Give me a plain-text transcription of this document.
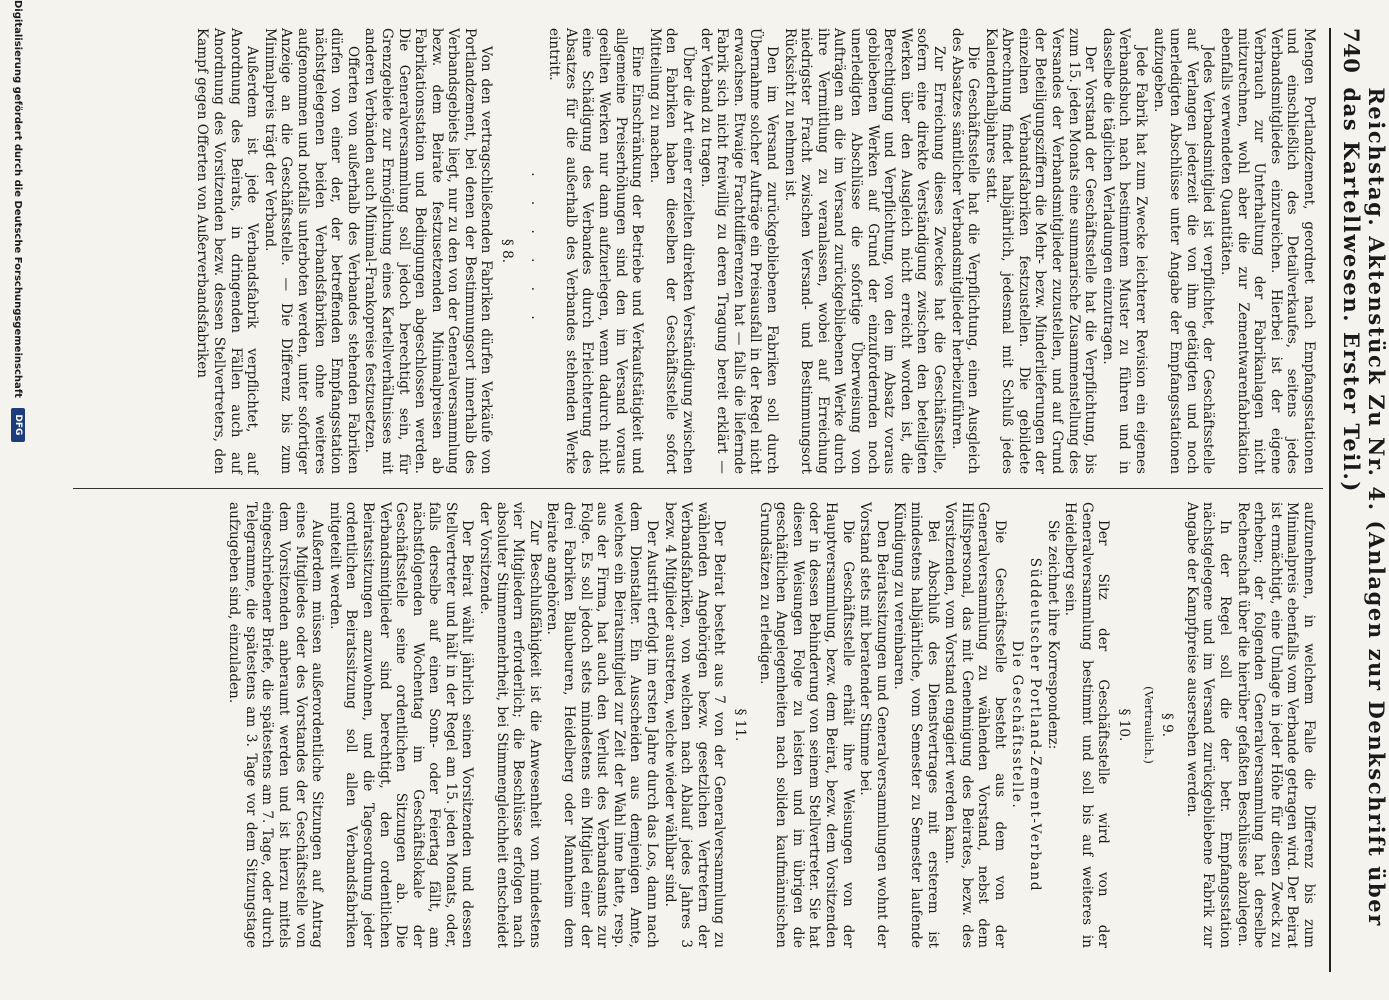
740
Reichstag. Aktenstück Zu Nr. 4. (Anlagen zur Denkschrift über das Kartellwesen. Erster Teil.)

Mengen Portlandzement, geordnet nach Empfangsstationen und einschließlich des Detailverkaufes, seitens jedes Verbandsmitgliedes einzureichen. Hierbei ist der eigene Verbrauch zur Unterhaltung der Fabrikanlagen nicht mitzurechnen, wohl aber die zur Zementwarenfabrikation ebenfalls verwendeten Quantitäten.

Jedes Verbandsmitglied ist verpflichtet, der Geschäftsstelle auf Verlangen jederzeit die von ihm getätigten und noch unerledigten Abschlüsse unter Angabe der Empfangsstationen aufzugeben.

Jede Fabrik hat zum Zwecke leichterer Revision ein eigenes Verbandsbuch nach bestimmtem Muster zu führen und in dasselbe die täglichen Verladungen einzutragen.

Der Vorstand der Geschäftsstelle hat die Verpflichtung, bis zum 15. jeden Monats eine summarische Zusammenstellung des Versandes der Verbandsmitglieder zuzustellen, und auf Grund der Beteiligungsziffern die Mehr- bezw. Minderlieferungen der einzelnen Verbandsfabriken festzustellen. Die gebildete Abrechnung findet halbjährlich, jedesmal mit Schluß jedes Kalenderhalbjahres statt.

Die Geschäftsstelle hat die Verpflichtung, einen Ausgleich des Absatzes sämtlicher Verbandsmitglieder herbeizuführen.

Zur Erreichung dieses Zweckes hat die Geschäftsstelle, sofern eine direkte Verständigung zwischen den beteiligten Werken über den Ausgleich nicht erreicht worden ist, die Berechtigung und Verpflichtung, von den im Absatz voraus gebliebenen Werken auf Grund der einzufordernden noch unerledigten Abschlüsse die sofortige Überweisung von Aufträgen an die im Versand zurückgebliebenen Werke durch ihre Vermittlung zu veranlassen, wobei auf Erreichung niedrigster Fracht zwischen Versand- und Bestimmungsort Rücksicht zu nehmen ist.

Den im Versand zurückgebliebenen Fabriken soll durch Übernahme solcher Aufträge ein Preisausfall in der Regel nicht erwachsen. Etwaige Frachtdifferenzen hat — falls die liefernde Fabrik sich nicht freiwillig zu deren Tragung bereit erklärt — der Verband zu tragen.

Über die Art einer erzielten direkten Verständigung zwischen den Fabriken haben dieselben der Geschäftsstelle sofort Mitteilung zu machen.

Eine Einschränkung der Betriebe und Verkaufstätigkeit und allgemeine Preiserhöhungen sind den im Versand voraus geeilten Werken nur dann aufzuerlegen, wenn dadurch nicht eine Schädigung des Verbandes durch Erleichterung des Absatzes für die außerhalb des Verbandes stehenden Werke eintritt.

· · · · · ·
§ 8.

Von den vertragschließenden Fabriken dürfen Verkäufe von Portlandzement, bei denen der Bestimmungsort innerhalb des Verbandsgebiets liegt, nur zu den von der Generalversammlung bezw. dem Beirate festzusetzenden Minimalpreisen ab Fabrikationsstation und Bedingungen abgeschlossen werden. Die Generalversammlung soll jedoch berechtigt sein, für Grenzgebiete zur Ermöglichung eines Kartellverhältnisses mit anderen Verbänden auch Minimal-Frankopreise festzusetzen.

Offerten von außerhalb des Verbandes stehenden Fabriken dürfen von einer der, der betreffenden Empfangsstation nächstgelegenen beiden Verbandsfabriken ohne weiteres aufgenommen und notfalls unterboten werden, unter sofortiger Anzeige an die Geschäftsstelle. — Die Differenz bis zum Minimalpreis trägt der Verband.

Außerdem ist jede Verbandsfabrik verpflichtet, auf Anordnung des Beirats, in dringenden Fällen auch auf Anordnung des Vorsitzenden bezw. dessen Stellvertreters, den Kampf gegen Offerten von Außerverbandsfabriken

aufzunehmen, in welchem Falle die Differenz bis zum Minimalpreis ebenfalls vom Verbande getragen wird. Der Beirat ist ermächtigt, eine Umlage in jeder Höhe für diesen Zweck zu erheben; der folgenden Generalversammlung hat derselbe Rechenschaft über die hierüber gefaßten Beschlüsse abzulegen.

In der Regel soll die der betr. Empfangsstation nächstgelegene und im Versand zurückgebliebene Fabrik zur Angabe der Kampfpreise ausersehen werden.

§ 9.
(Vertraulich.)
§ 10.

Der Sitz der Geschäftsstelle wird von der Generalversammlung bestimmt und soll bis auf weiteres in Heidelberg sein.

Sie zeichnet ihre Korrespondenz:

Süddeutscher Portland-Zement-Verband

Die Geschäftsstelle.

Die Geschäftsstelle besteht aus dem von der Generalversammlung zu wählenden Vorstand, nebst dem Hilfspersonal, das mit Genehmigung des Beirates, bezw. des Vorsitzenden, vom Vorstand engagiert werden kann.

Bei Abschluß des Dienstvertrages mit ersterem ist mindestens halbjährliche, vom Semester zu Semester laufende Kündigung zu vereinbaren.

Den Beiratssitzungen und Generalversammlungen wohnt der Vorstand stets mit beratender Stimme bei.

Die Geschäftsstelle erhält ihre Weisungen von der Hauptversammlung, bezw. dem Beirat, bezw. dem Vorsitzenden oder in dessen Behinderung von seinem Stellvertreter. Sie hat diesen Weisungen Folge zu leisten und im übrigen die geschäftlichen Angelegenheiten nach soliden kaufmännischen Grundsätzen zu erledigen.

§ 11.

Der Beirat besteht aus 7 von der Generalversammlung zu wählenden Angehörigen bezw. gesetzlichen Vertretern der Verbandsfabriken, von welchen nach Ablauf jedes Jahres 3 bezw. 4 Mitglieder austreten, welche wieder wählbar sind.

Der Austritt erfolgt im ersten Jahre durch das Los, dann nach dem Dienstalter. Ein Ausscheiden aus demjenigen Amte, welches ein Beiratsmitglied zur Zeit der Wahl inne hatte, resp. aus der Firma, hat auch den Verlust des Verbandsamts zur Folge. Es soll jedoch stets mindestens ein Mitglied einer der drei Fabriken Blaubeuren, Heidelberg oder Mannheim dem Beirate angehören.

Zur Beschlußfähigkeit ist die Anwesenheit von mindestens vier Mitgliedern erforderlich; die Beschlüsse erfolgen nach absoluter Stimmenmehrheit, bei Stimmengleichheit entscheidet der Vorsitzende.

Der Beirat wählt jährlich seinen Vorsitzenden und dessen Stellvertreter und hält in der Regel am 15. jeden Monats, oder, falls derselbe auf einen Sonn- oder Feiertag fällt, am nächstfolgenden Wochentag im Geschäftslokale der Geschäftsstelle seine ordentlichen Sitzungen ab. Die Verbandsmitglieder sind berechtigt, den ordentlichen Beiratssitzungen anzuwohnen, und die Tagesordnung jeder ordentlichen Beiratssitzung soll allen Verbandsfabriken mitgeteilt werden.

Außerdem müssen außerordentliche Sitzungen auf Antrag eines Mitgliedes oder des Vorstandes der Geschäftsstelle von dem Vorsitzenden anberaumt werden und ist hierzu mittels eingeschriebener Briefe, die spätestens am 7. Tage, oder durch Telegramme, die spätestens am 3. Tage vor dem Sitzungstage aufzugeben sind, einzuladen.

Digitalisierung gefördert durch die Deutsche Forschungsgemeinschaft
DFG
